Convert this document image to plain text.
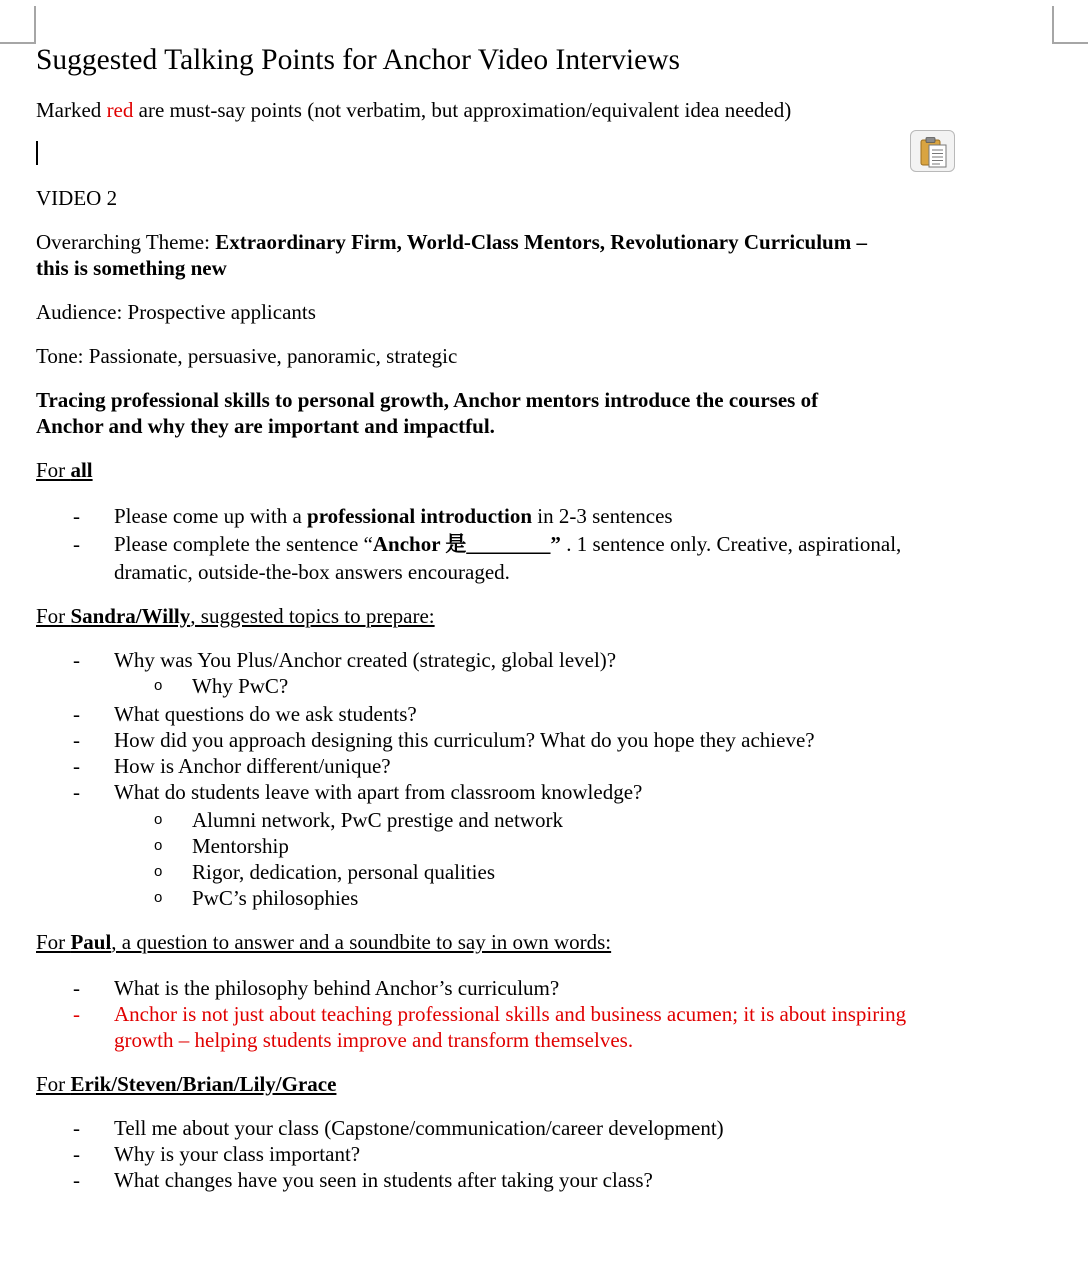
Suggested Talking Points for Anchor Video Interviews
Marked red are must-say points (not verbatim, but approximation/equivalent idea needed)
VIDEO 2
Overarching Theme: Extraordinary Firm, World-Class Mentors, Revolutionary Curriculum –
this is something new
Audience: Prospective applicants
Tone: Passionate, persuasive, panoramic, strategic
Tracing professional skills to personal growth, Anchor mentors introduce the courses of
Anchor and why they are important and impactful.
For all
- Please come up with a professional introduction in 2-3 sentences
- Please complete the sentence “Anchor 是________” . 1 sentence only. Creative, aspirational,
dramatic, outside-the-box answers encouraged.
For Sandra/Willy, suggested topics to prepare:
- Why was You Plus/Anchor created (strategic, global level)?
o Why PwC?
- What questions do we ask students?
- How did you approach designing this curriculum? What do you hope they achieve?
- How is Anchor different/unique?
- What do students leave with apart from classroom knowledge?
o Alumni network, PwC prestige and network
o Mentorship
o Rigor, dedication, personal qualities
o PwC’s philosophies
For Paul, a question to answer and a soundbite to say in own words:
- What is the philosophy behind Anchor’s curriculum?
- Anchor is not just about teaching professional skills and business acumen; it is about inspiring
growth – helping students improve and transform themselves.
For Erik/Steven/Brian/Lily/Grace
- Tell me about your class (Capstone/communication/career development)
- Why is your class important?
- What changes have you seen in students after taking your class?
